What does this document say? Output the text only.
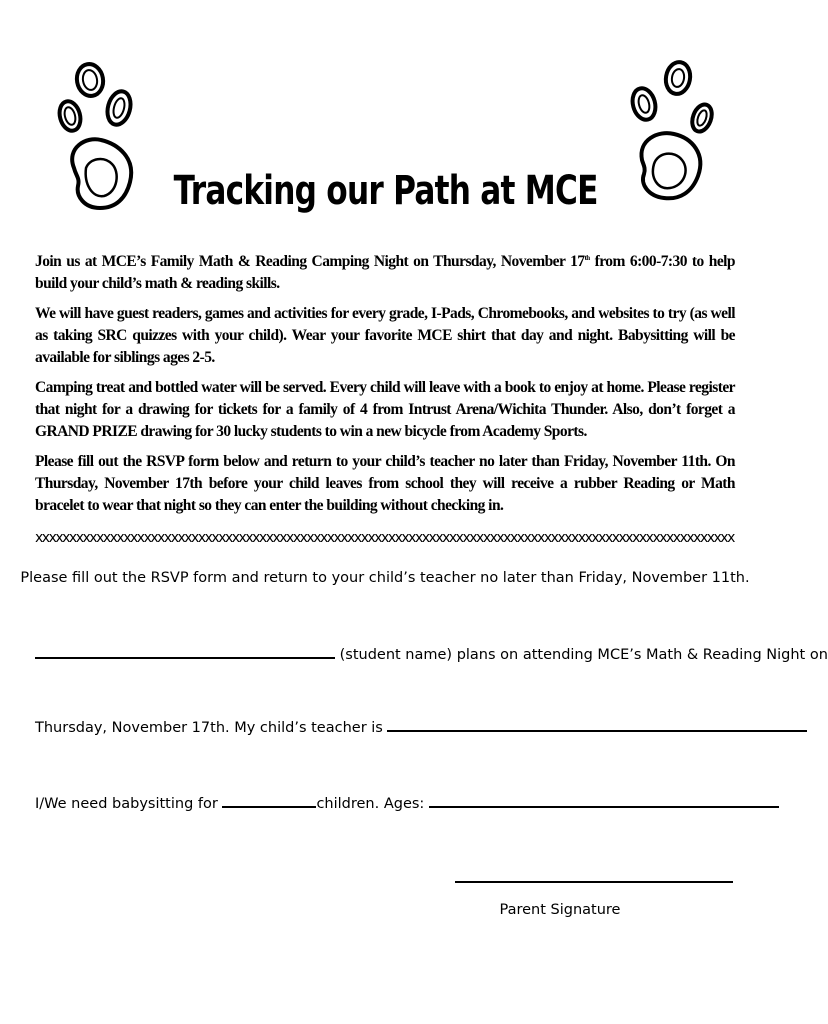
Tracking our Path at MCE

Join us at MCE’s Family Math & Reading Camping Night on Thursday, November 17th from 6:00-7:30 to help build your child’s math & reading skills.

We will have guest readers, games and activities for every grade, I-Pads, Chromebooks, and websites to try (as well as taking SRC quizzes with your child). Wear your favorite MCE shirt that day and night. Babysitting will be available for siblings ages 2-5.

Camping treat and bottled water will be served. Every child will leave with a book to enjoy at home. Please register that night for a drawing for tickets for a family of 4 from Intrust Arena/Wichita Thunder. Also, don’t forget a GRAND PRIZE drawing for 30 lucky students to win a new bicycle from Academy Sports.

Please fill out the RSVP form below and return to your child’s teacher no later than Friday, November 11th. On Thursday, November 17th before your child leaves from school they will receive a rubber Reading or Math bracelet to wear that night so they can enter the building without checking in.

xxxxxxxxxxxxxxxxxxxxxxxxxxxxxxxxxxxxxxxxxxxxxxxxxxxxxxxxxxxxxxxxxxxxxxxxxxxxxxxxxxxxxxxxxxxxxxxxxxxxxxx
Please fill out the RSVP form and return to your child’s teacher no later than Friday, November 11th.
(student name) plans on attending MCE’s Math & Reading Night on
Thursday, November 17th. My child’s teacher is
I/We need babysitting for	children. Ages:
Parent Signature
